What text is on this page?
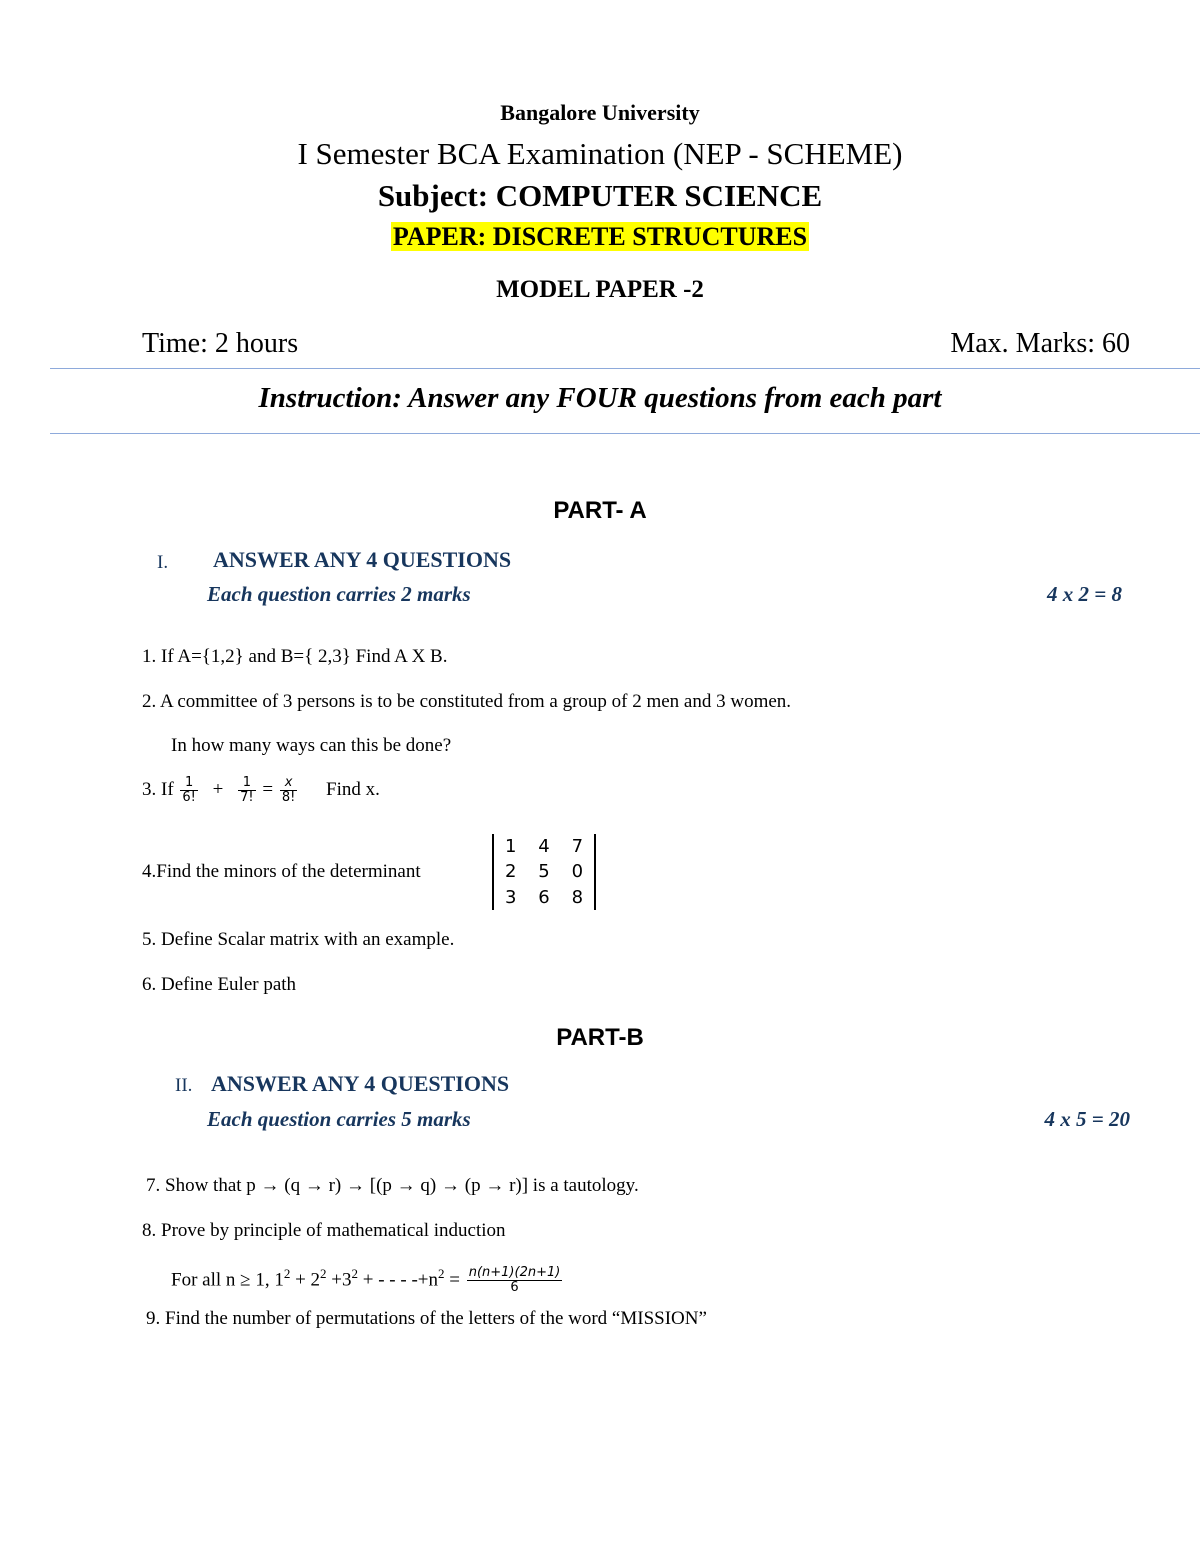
Bangalore University
I Semester BCA Examination (NEP - SCHEME)
Subject: COMPUTER SCIENCE
PAPER: DISCRETE STRUCTURES
MODEL PAPER -2
Time: 2 hours	Max. Marks: 60
Instruction: Answer any FOUR questions from each part
PART- A
I. ANSWER ANY 4 QUESTIONS
Each question carries 2 marks	4 x 2 = 8
1. If A={1,2} and B={ 2,3} Find A X B.
2. A committee of 3 persons is to be constituted from a group of 2 men and 3 women.
In how many ways can this be done?
3. If $\frac{1}{6!} + \frac{1}{7!} = \frac{x}{8!}$ Find x.
4.Find the minors of the determinant
1	4	7
2	5	0
3	6	8
5. Define Scalar matrix with an example.
6. Define Euler path
PART-B
II. ANSWER ANY 4 QUESTIONS
Each question carries 5 marks	4 x 5 = 20
7. Show that p → (q → r) → [(p → q) → (p → r)] is a tautology.
8. Prove by principle of mathematical induction
For all n ≥ 1, $1^2 + 2^2 +3^2$ + - - - $-+n^2 = \frac{n(n+1)(2n+1)}{6}$
9. Find the number of permutations of the letters of the word “MISSION”
